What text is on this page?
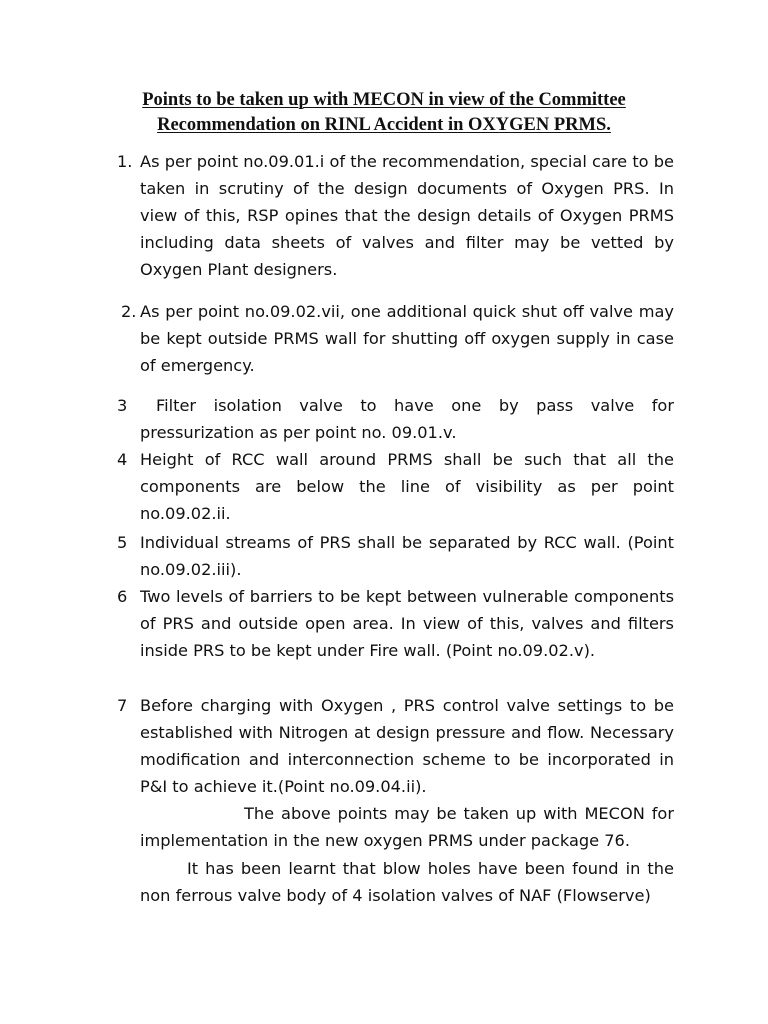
Points to be taken up with MECON in view of the Committee
Recommendation on RINL Accident in OXYGEN PRMS.
1. As per point no.09.01.i of the recommendation, special care to be taken in scrutiny of the design documents of Oxygen PRS. In view of this, RSP opines that the design details of Oxygen PRMS including data sheets of valves and filter may be vetted by Oxygen Plant designers.
2. As per point no.09.02.vii, one additional quick shut off valve may be kept outside PRMS wall for shutting off oxygen supply in case of emergency.
3	Filter isolation valve to have one by pass valve for pressurization as per point no. 09.01.v.
4 Height of RCC wall around PRMS shall be such that all the components are below the line of visibility as per point no.09.02.ii.
5 Individual streams of PRS shall be separated by RCC wall. (Point no.09.02.iii).
6 Two levels of barriers to be kept between vulnerable components of PRS and outside open area. In view of this, valves and filters inside PRS to be kept under Fire wall. (Point no.09.02.v).
7 Before charging with Oxygen , PRS control valve settings to be established with Nitrogen at design pressure and flow. Necessary modification and interconnection scheme to be incorporated in P&I to achieve it.(Point no.09.04.ii).
The above points may be taken up with MECON for implementation in the new oxygen PRMS under package 76.
It has been learnt that blow holes have been found in the non ferrous valve body of 4 isolation valves of NAF (Flowserve)
